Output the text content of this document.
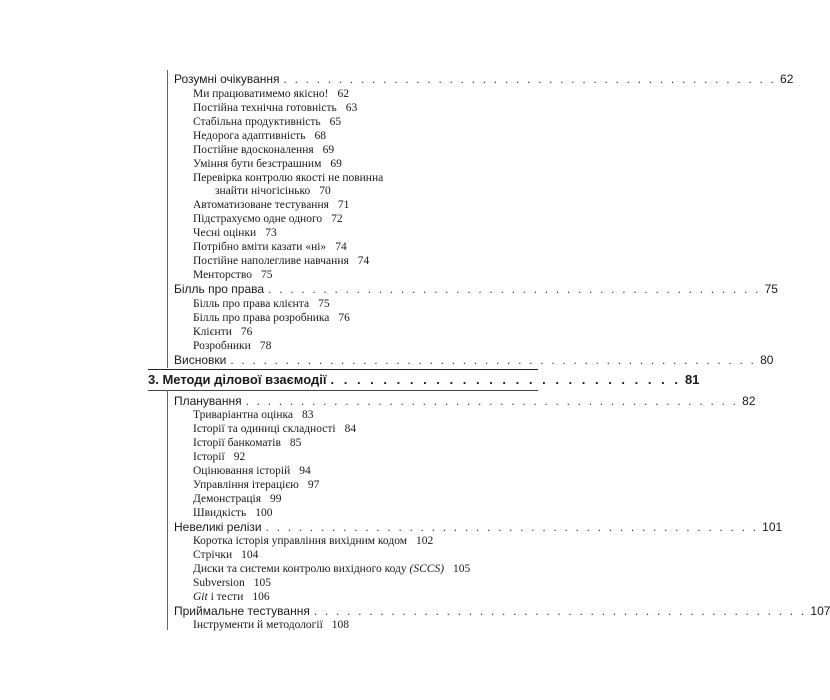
Розумні очікування . . . . . . . . . . . . . . . . . . . . . . . . . . . . . . . . . . . . . . . . . . . . . 62
Ми працюватимемо якісно! 62
Постійна технічна готовність 63
Стабільна продуктивність 65
Недорога адаптивність 68
Постійне вдосконалення 69
Уміння бути безстрашним 69
Перевірка контролю якості не повинна
знайти нічогісінько 70
Автоматизоване тестування 71
Підстрахуємо одне одного 72
Чесні оцінки 73
Потрібно вміти казати «ні» 74
Постійне наполегливе навчання 74
Менторство 75
Білль про права . . . . . . . . . . . . . . . . . . . . . . . . . . . . . . . . . . . . . . . . . . . . . 75
Білль про права клієнта 75
Білль про права розробника 76
Клієнти 76
Розробники 78
Висновки . . . . . . . . . . . . . . . . . . . . . . . . . . . . . . . . . . . . . . . . . . . . . . . . 80
3. Методи ділової взаємодії . . . . . . . . . . . . . . . . . . . . . . . . . . . 81
Планування . . . . . . . . . . . . . . . . . . . . . . . . . . . . . . . . . . . . . . . . . . . . . 82
Триваріантна оцінка 83
Історії та одиниці складності 84
Історії банкоматів 85
Історії 92
Оцінювання історій 94
Управління ітерацією 97
Демонстрація 99
Швидкість 100
Невеликі релізи . . . . . . . . . . . . . . . . . . . . . . . . . . . . . . . . . . . . . . . . . . . . . 101
Коротка історія управління вихідним кодом 102
Стрічки 104
Диски та системи контролю вихідного коду (SCCS) 105
Subversion 105
Git і тести 106
Приймальне тестування . . . . . . . . . . . . . . . . . . . . . . . . . . . . . . . . . . . . . . . . . . . . . 107
Інструменти й методології 108
